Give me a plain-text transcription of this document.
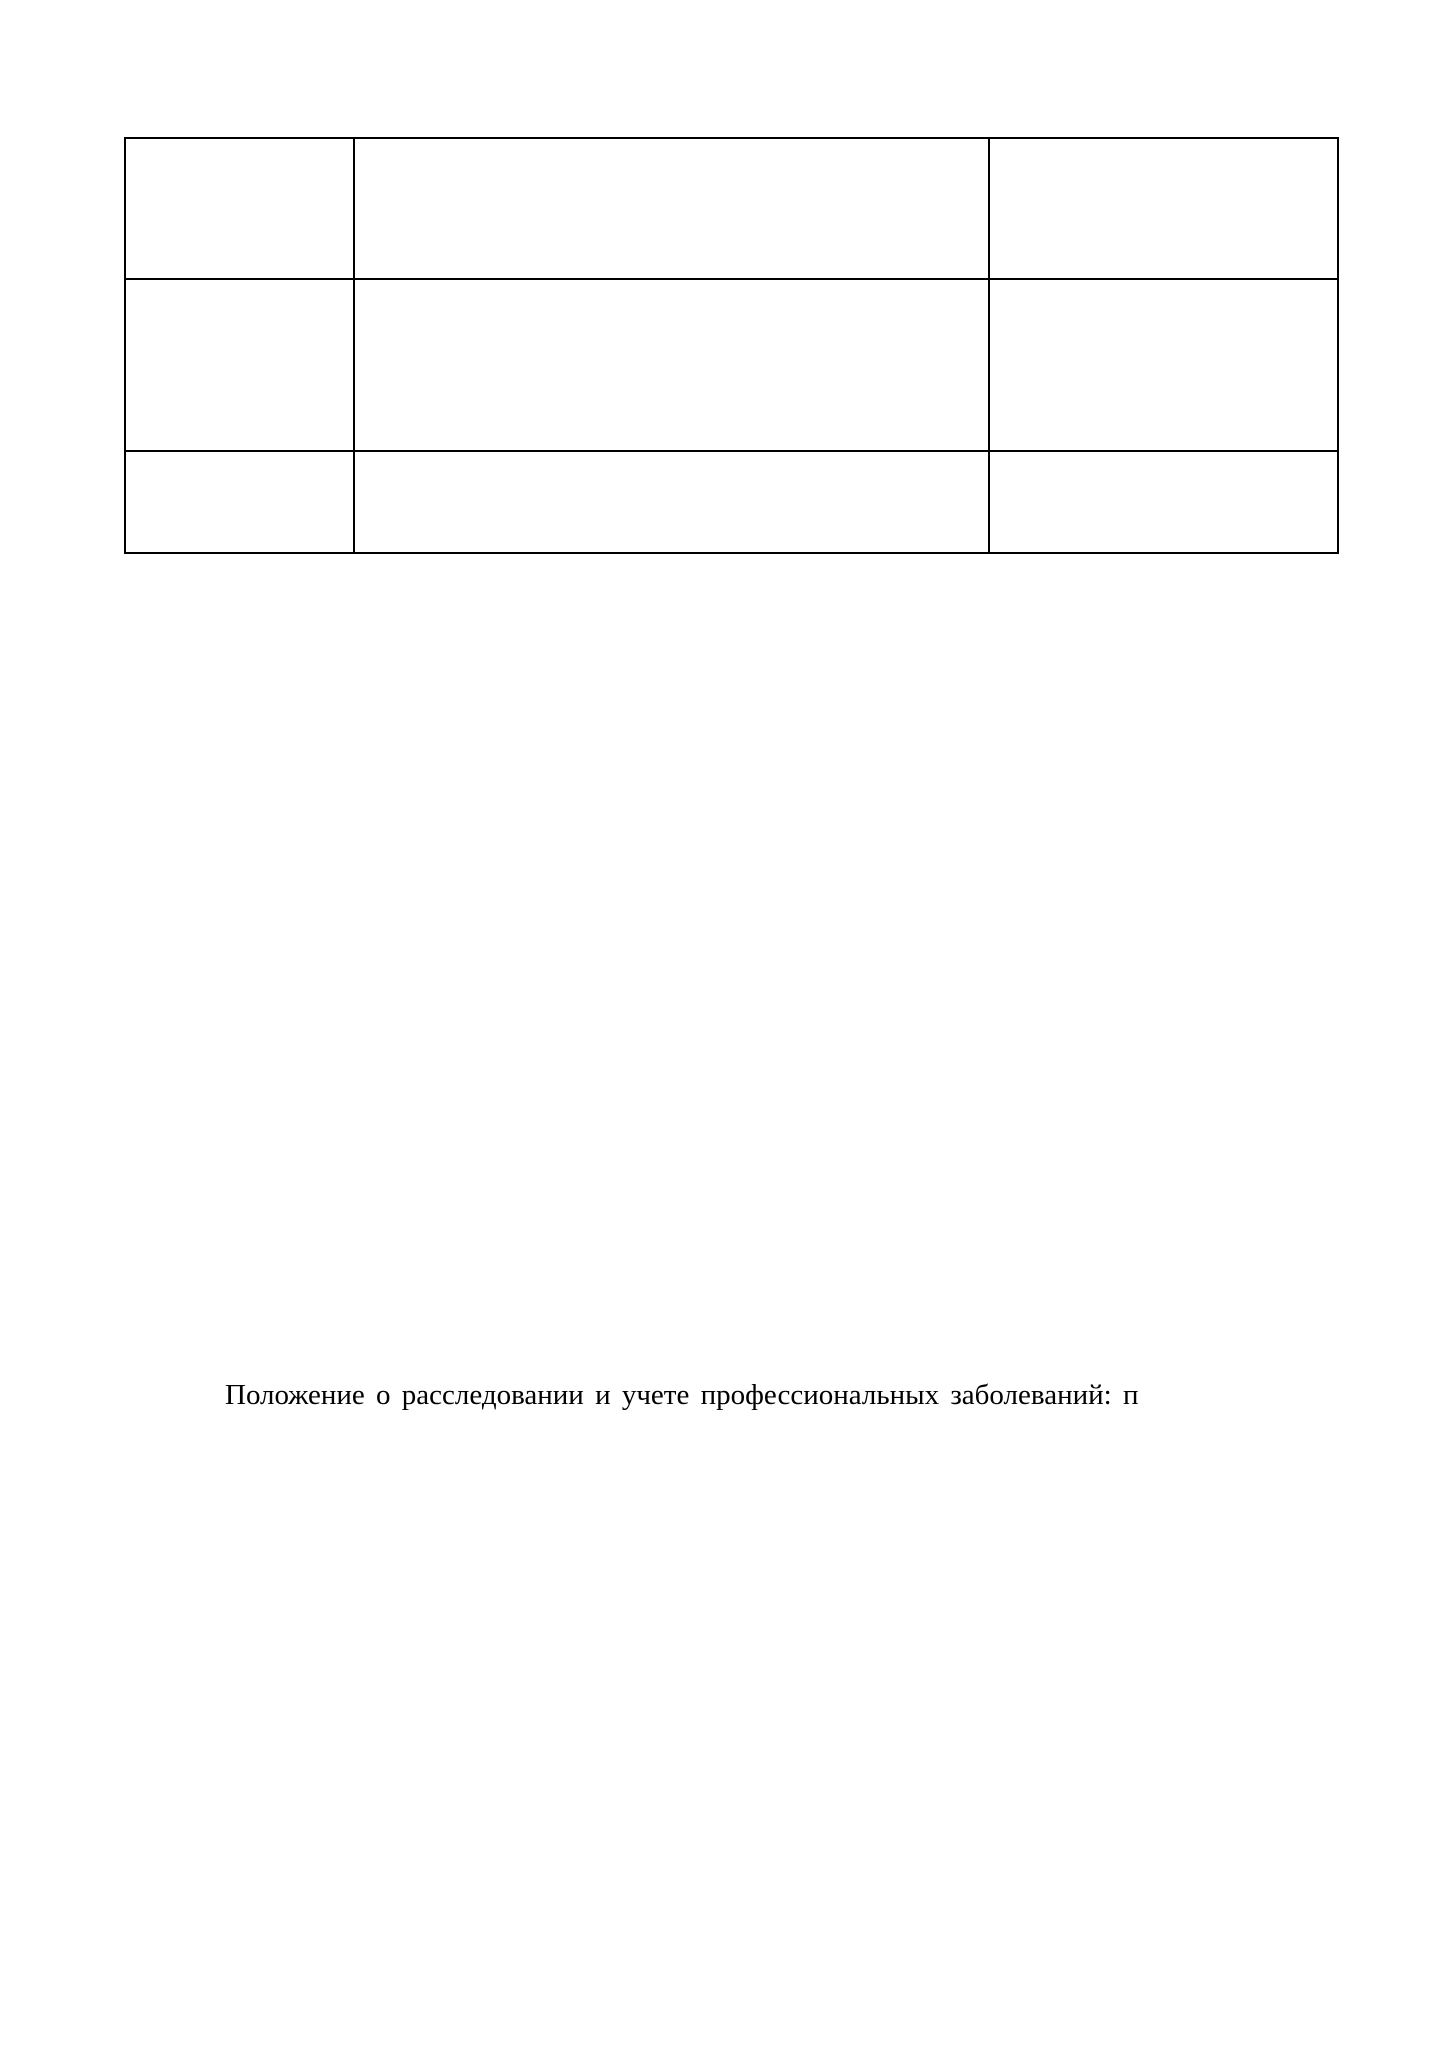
Положение о расследовании и учете профессиональных заболеваний: п
